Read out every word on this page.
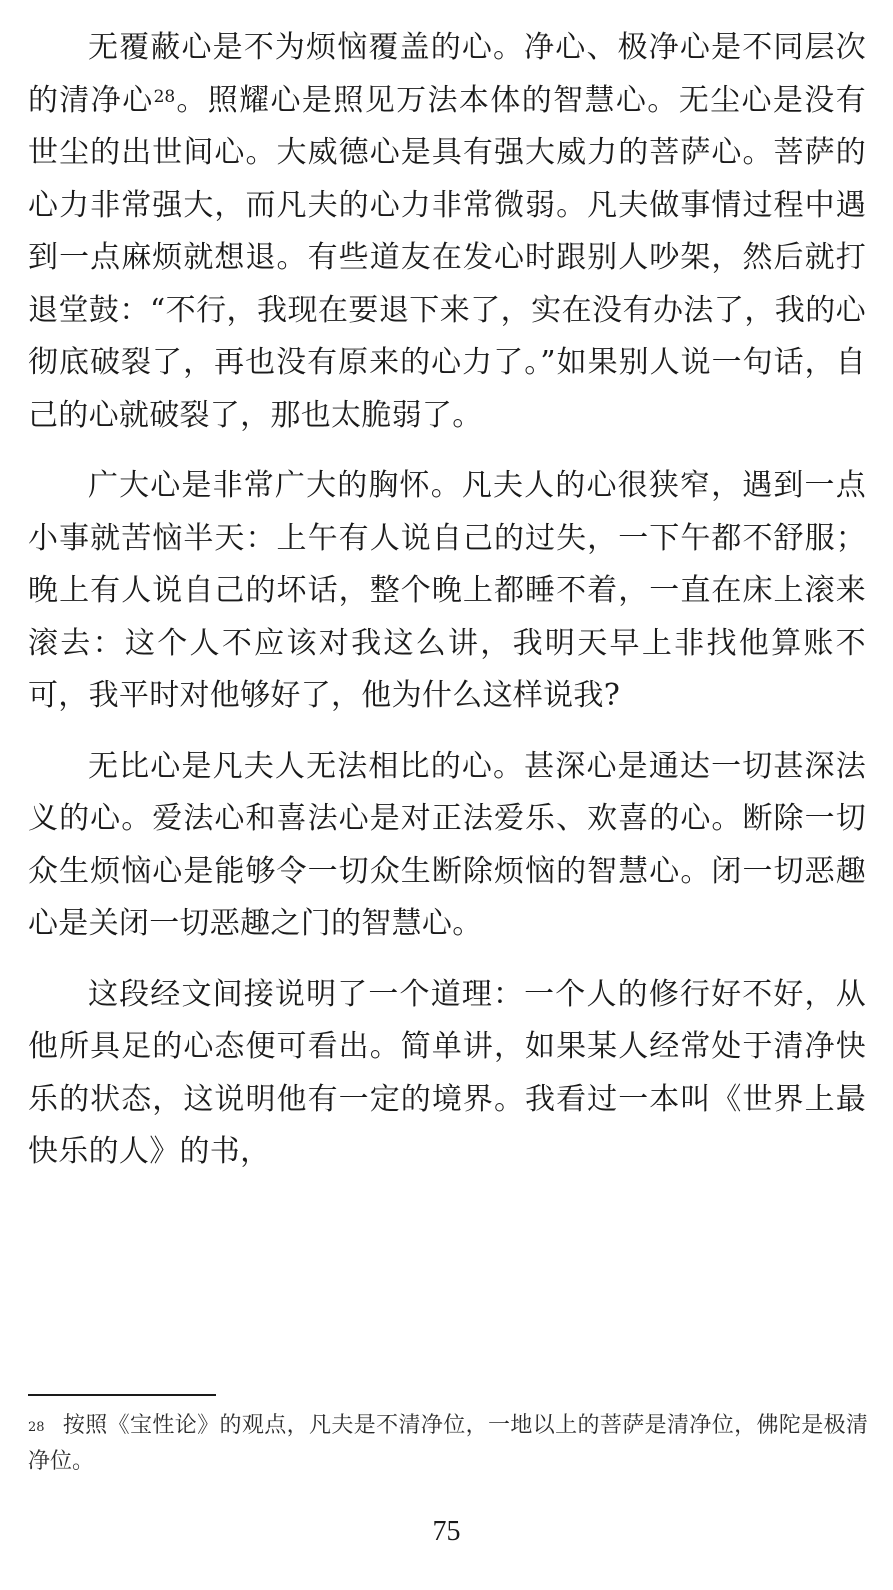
无覆蔽心是不为烦恼覆盖的心。净心、极净心是不同层次的清净心$^{28}$。照耀心是照见万法本体的智慧心。无尘心是没有世尘的出世间心。大威德心是具有强大威力的菩萨心。菩萨的心力非常强大，而凡夫的心力非常微弱。凡夫做事情过程中遇到一点麻烦就想退。有些道友在发心时跟别人吵架，然后就打退堂鼓：“不行，我现在要退下来了，实在没有办法了，我的心彻底破裂了，再也没有原来的心力了。”如果别人说一句话，自己的心就破裂了，那也太脆弱了。

广大心是非常广大的胸怀。凡夫人的心很狭窄，遇到一点小事就苦恼半天：上午有人说自己的过失，一下午都不舒服；晚上有人说自己的坏话，整个晚上都睡不着，一直在床上滚来滚去：这个人不应该对我这么讲，我明天早上非找他算账不可，我平时对他够好了，他为什么这样说我?

无比心是凡夫人无法相比的心。甚深心是通达一切甚深法义的心。爱法心和喜法心是对正法爱乐、欢喜的心。断除一切众生烦恼心是能够令一切众生断除烦恼的智慧心。闭一切恶趣心是关闭一切恶趣之门的智慧心。

这段经文间接说明了一个道理：一个人的修行好不好，从他所具足的心态便可看出。简单讲，如果某人经常处于清净快乐的状态，这说明他有一定的境界。我看过一本叫《世界上最快乐的人》的书，

$^{28}$ 按照《宝性论》的观点，凡夫是不清净位，一地以上的菩萨是清净位，佛陀是极清净位。
75
